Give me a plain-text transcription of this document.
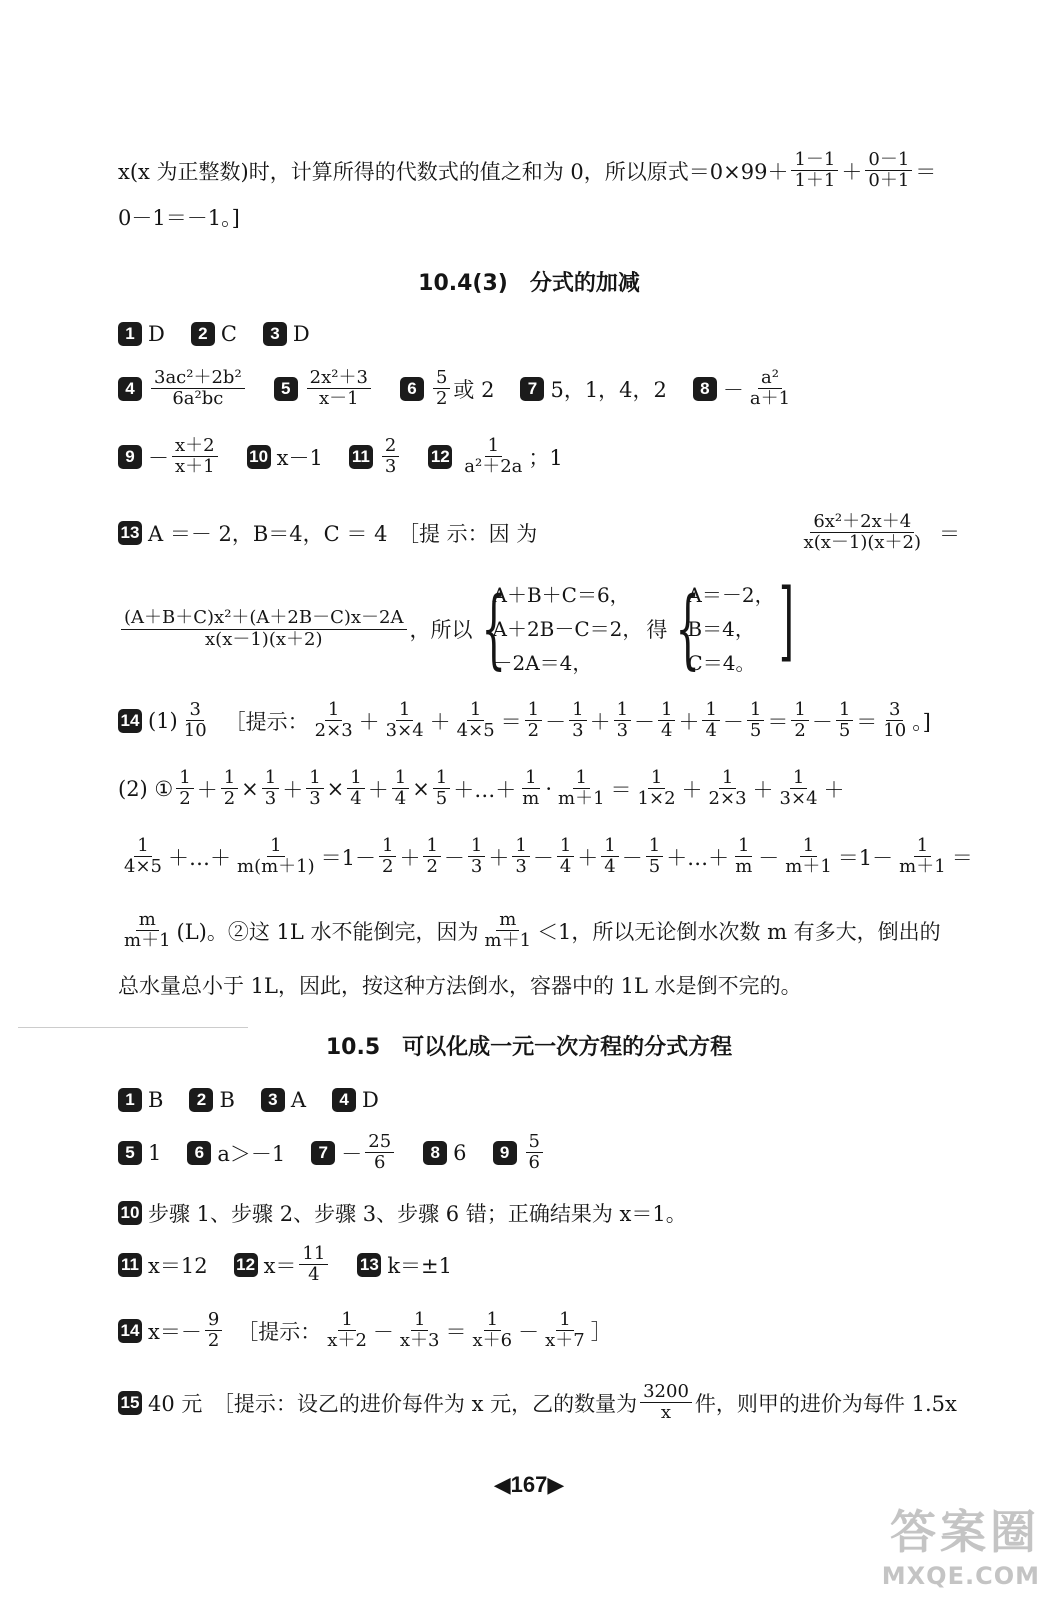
x(x 为正整数)时，计算所得的代数式的值之和为 0，所以原式$=0\times 99+ \frac{1-1}{1+1} + \frac{0-1}{0+1}$ ＝
0－1＝－1。]
10.4(3)　分式的加减
1 D	2 C	3 D
$4 \frac{\text{3ac²＋2b²}}{\text{6a²bc}}$	$5 \frac{\text{2x²＋3}}{x-1}$	$6 \frac{5}{2}$ 或 2	7 5，1，4，2	$8 - \frac{\text{a²}}{a+1}$
$9 - \frac{x+2}{x+1} 10$ x－1 $11 \frac{2}{3} 12 \frac{1}{\text{a²＋2a}}$ ；1
13 A ＝－ 2，B＝4，C ＝ 4　［提 示：因 为	$\frac{\text{6x²＋2x＋4}}{x(x-1)(x+2)}$ ＝
$\frac{\text{(A＋B＋C)x²＋(A＋2B－C)x－2A}}{x(x-1)(x+2)}$ ，所以 {
A＋B＋C＝6，
A＋2B－C＝2，
－2A＝4，
得 {
A＝－2，
B＝4，
C＝4。 ]
14 $(1) \frac{3}{10}$ ［提示： $\frac{1}{2\times 3} + \frac{1}{3\times 4} + \frac{1}{4\times 5} = \frac{1}{2} - \frac{1}{3} + \frac{1}{3} - \frac{1}{4} + \frac{1}{4} - \frac{1}{5} = \frac{1}{2} - \frac{1}{5} = \frac{3}{10}$ 。]
(2) ① $\frac{1}{2} + \frac{1}{2} \times \frac{1}{3} + \frac{1}{3} \times \frac{1}{4} + \frac{1}{4} \times \frac{1}{5}$ ＋…＋ $\frac{1}{m} \cdot \frac{1}{m+1} = \frac{1}{1\times 2} + \frac{1}{2\times 3} + \frac{1}{3\times 4}$ ＋
$\frac{1}{4\times 5}$ ＋…＋ $\frac{1}{m(m+1)} =1- \frac{1}{2} + \frac{1}{2} - \frac{1}{3} + \frac{1}{3} - \frac{1}{4} + \frac{1}{4} - \frac{1}{5}$ ＋…＋ $\frac{1}{m} - \frac{1}{m+1} =1- \frac{1}{m+1}$ ＝
$\frac{m}{m+1} (L)$。②这 1L 水不能倒完，因为 $\frac{m}{m+1} <1$，所以无论倒水次数 m 有多大，倒出的
总水量总小于 1L，因此，按这种方法倒水，容器中的 1L 水是倒不完的。
10.5　可以化成一元一次方程的分式方程
1 B	2 B	3 A	4 D
5 1	6 a＞－1	$7 - \frac{25}{6}$	8 6	$9 \frac{5}{6}$
10 步骤 1、步骤 2、步骤 3、步骤 6 错；正确结果为 x＝1。
11 x＝12 12 $x= \frac{11}{4} 13$ k＝±1
14 $x=- \frac{9}{2}$ ［提示： $\frac{1}{x+2} - \frac{1}{x+3} = \frac{1}{x+6} - \frac{1}{x+7}$ ］
15 40 元　［提示：设乙的进价每件为 x 元，乙的数量为 $\frac{3200}{x}$ 件，则甲的进价为每件 1.5x
◀167▶
答案圈
MXQE.COM
